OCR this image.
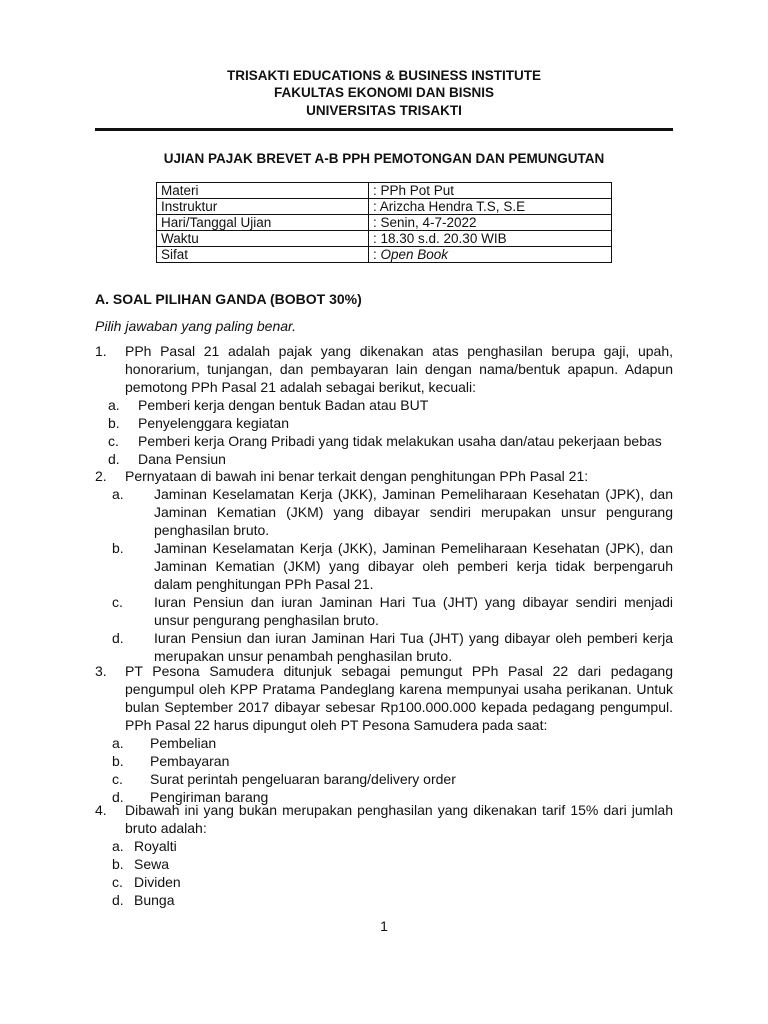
TRISAKTI EDUCATIONS & BUSINESS INSTITUTE
FAKULTAS EKONOMI DAN BISNIS
UNIVERSITAS TRISAKTI
UJIAN PAJAK BREVET A-B PPH PEMOTONGAN DAN PEMUNGUTAN
Materi	: PPh Pot Put
Instruktur	: Arizcha Hendra T.S, S.E
Hari/Tanggal Ujian	: Senin, 4-7-2022
Waktu	: 18.30 s.d. 20.30 WIB
Sifat	: Open Book
A. SOAL PILIHAN GANDA (BOBOT 30%)
Pilih jawaban yang paling benar.
1. PPh Pasal 21 adalah pajak yang dikenakan atas penghasilan berupa gaji, upah, honorarium, tunjangan, dan pembayaran lain dengan nama/bentuk apapun. Adapun pemotong PPh Pasal 21 adalah sebagai berikut, kecuali:
a. Pemberi kerja dengan bentuk Badan atau BUT
b. Penyelenggara kegiatan
c. Pemberi kerja Orang Pribadi yang tidak melakukan usaha dan/atau pekerjaan bebas
d. Dana Pensiun
2. Pernyataan di bawah ini benar terkait dengan penghitungan PPh Pasal 21:
a. Jaminan Keselamatan Kerja (JKK), Jaminan Pemeliharaan Kesehatan (JPK), dan Jaminan Kematian (JKM) yang dibayar sendiri merupakan unsur pengurang penghasilan bruto.
b. Jaminan Keselamatan Kerja (JKK), Jaminan Pemeliharaan Kesehatan (JPK), dan Jaminan Kematian (JKM) yang dibayar oleh pemberi kerja tidak berpengaruh dalam penghitungan PPh Pasal 21.
c. Iuran Pensiun dan iuran Jaminan Hari Tua (JHT) yang dibayar sendiri menjadi unsur pengurang penghasilan bruto.
d. Iuran Pensiun dan iuran Jaminan Hari Tua (JHT) yang dibayar oleh pemberi kerja merupakan unsur penambah penghasilan bruto.
3. PT Pesona Samudera ditunjuk sebagai pemungut PPh Pasal 22 dari pedagang pengumpul oleh KPP Pratama Pandeglang karena mempunyai usaha perikanan. Untuk bulan September 2017 dibayar sebesar Rp100.000.000 kepada pedagang pengumpul. PPh Pasal 22 harus dipungut oleh PT Pesona Samudera pada saat:
a. Pembelian
b. Pembayaran
c. Surat perintah pengeluaran barang/delivery order
d. Pengiriman barang
4. Dibawah ini yang bukan merupakan penghasilan yang dikenakan tarif 15% dari jumlah bruto adalah:
a. Royalti
b. Sewa
c. Dividen
d. Bunga
1
